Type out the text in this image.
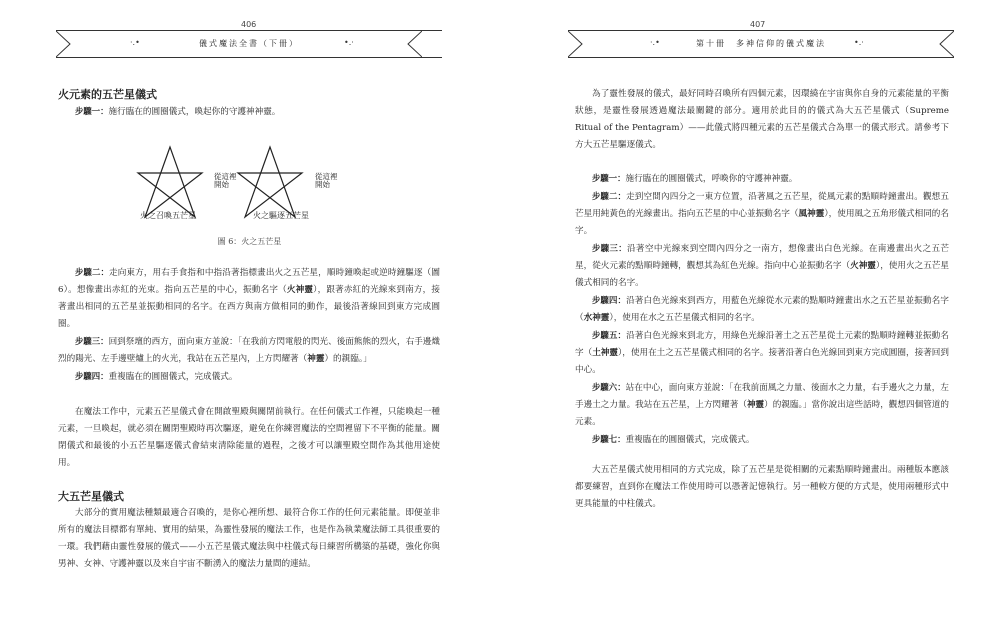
406
·.•	•.·
儀式魔法全書（下冊）

火元素的五芒星儀式

步驟一：施行臨在的圓圈儀式，喚起你的守護神神靈。

從這裡開始
從這裡開始
火之召喚五芒星	火之驅逐五芒星
圖 6：火之五芒星

步驟二：走向東方，用右手食指和中指沿著指標畫出火之五芒星，順時鐘喚起或逆時鐘驅逐（圖6）。想像畫出赤紅的光束。指向五芒星的中心，振動名字（火神靈），跟著赤紅的光線來到南方，接著畫出相同的五芒星並振動相同的名字。在西方與南方做相同的動作，最後沿著線回到東方完成圓圈。

步驟三：回到祭壇的西方，面向東方並說：「在我前方閃電般的閃光、後面熊熊的烈火，右手邊熾烈的陽光、左手邊壁爐上的火光，我站在五芒星內，上方閃耀著（神靈）的親臨。」

步驟四：重複臨在的圓圈儀式，完成儀式。

在魔法工作中，元素五芒星儀式會在開啟聖殿與關閉前執行。在任何儀式工作裡，只能喚起一種元素，一旦喚起，就必須在關閉聖殿時再次驅逐，避免在你練習魔法的空間裡留下不平衡的能量。關閉儀式和最後的小五芒星驅逐儀式會結束清除能量的過程，之後才可以讓聖殿空間作為其他用途使用。

大五芒星儀式

大部分的實用魔法種類最適合召喚的，是你心裡所想、最符合你工作的任何元素能量。即便並非所有的魔法目標都有單純、實用的結果，為靈性發展的魔法工作，也是作為執業魔法師工具很重要的一環。我們藉由靈性發展的儀式——小五芒星儀式魔法與中柱儀式每日練習所構築的基礎，強化你與男神、女神、守護神靈以及來自宇宙不斷湧入的魔法力量間的連結。

407
·.•	•.·
第十冊　多神信仰的儀式魔法

為了靈性發展的儀式，最好同時召喚所有四個元素，因環繞在宇宙與你自身的元素能量的平衡狀態，是靈性發展透過魔法最關鍵的部分。適用於此目的的儀式為大五芒星儀式（Supreme Ritual of the Pentagram）——此儀式將四種元素的五芒星儀式合為單一的儀式形式。請參考下方大五芒星驅逐儀式。

步驟一：施行臨在的圓圈儀式，呼喚你的守護神神靈。

步驟二：走到空間內四分之一東方位置，沿著風之五芒星，從風元素的點順時鐘畫出。觀想五芒星用純黃色的光線畫出。指向五芒星的中心並振動名字（風神靈），使用風之五角形儀式相同的名字。

步驟三：沿著空中光線來到空間內四分之一南方，想像畫出白色光線。在南邊畫出火之五芒星，從火元素的點順時鐘轉，觀想其為紅色光線。指向中心並振動名字（火神靈），使用火之五芒星儀式相同的名字。

步驟四：沿著白色光線來到西方，用藍色光線從水元素的點順時鐘畫出水之五芒星並振動名字（水神靈），使用在水之五芒星儀式相同的名字。

步驟五：沿著白色光線來到北方，用綠色光線沿著土之五芒星從土元素的點順時鐘轉並振動名字（土神靈），使用在土之五芒星儀式相同的名字。接著沿著白色光線回到東方完成圓圈，接著回到中心。

步驟六：站在中心，面向東方並說：「在我前面風之力量、後面水之力量，右手邊火之力量，左手邊土之力量。我站在五芒星，上方閃耀著（神靈）的親臨。」當你說出這些話時，觀想四個管道的元素。

步驟七：重複臨在的圓圈儀式，完成儀式。

大五芒星儀式使用相同的方式完成，除了五芒星是從相關的元素點順時鐘畫出。兩種版本應該都要練習，直到你在魔法工作使用時可以憑著記憶執行。另一種較方便的方式是，使用兩種形式中更具能量的中柱儀式。
